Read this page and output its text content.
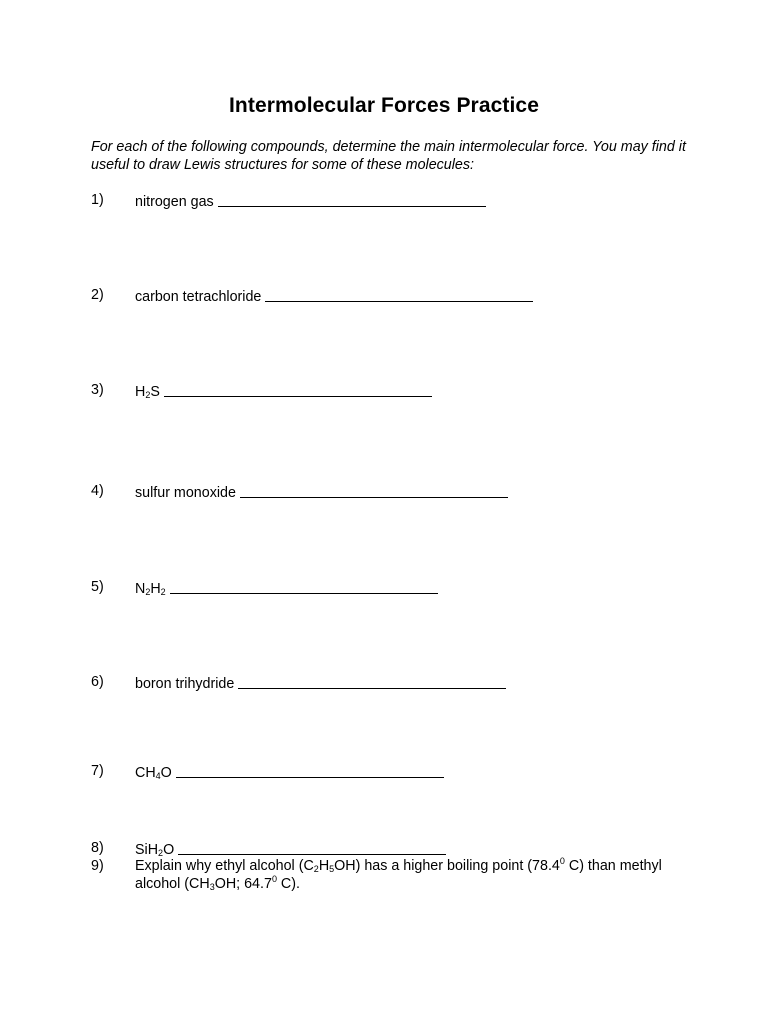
Intermolecular Forces Practice
For each of the following compounds, determine the main intermolecular force. You may find it useful to draw Lewis structures for some of these molecules:
1) nitrogen gas
2) carbon tetrachloride
3) $H_2S$
4) sulfur monoxide
5) $N_2H_2$
6) boron trihydride
7) $CH_4O$
8) SiH$_2$O
9) Explain why ethyl alcohol $(C_2H_5OH)$ has a higher boiling point (78.4$^0$ C) than methyl alcohol ($CH_3OH$; 64.7$^0$ C).
